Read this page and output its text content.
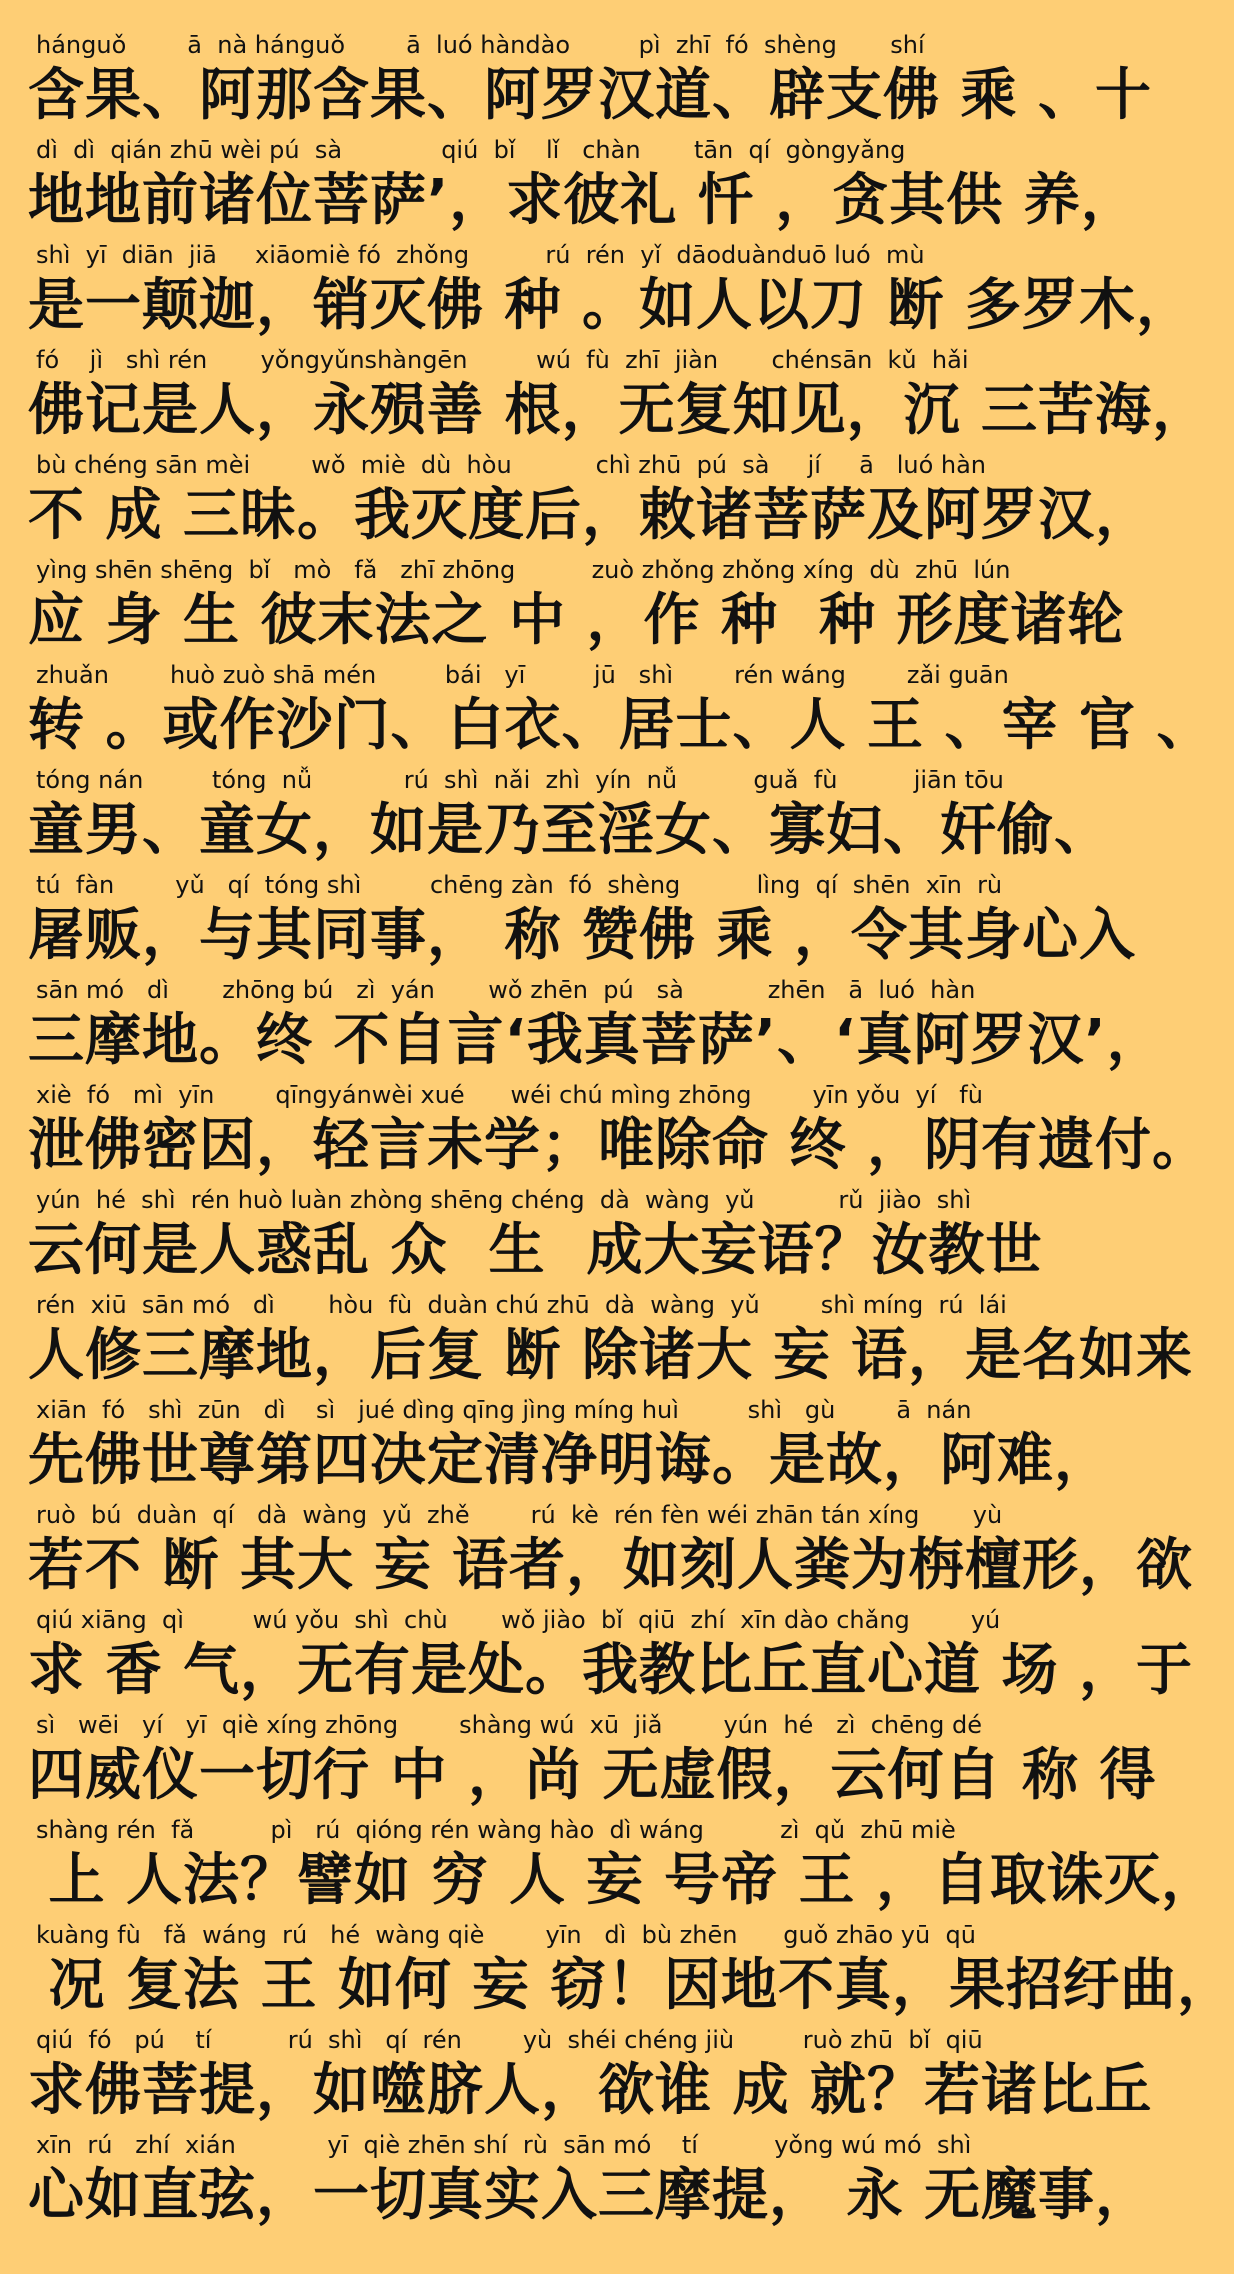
hánguǒ        ā  nà hánguǒ        ā  luó hàndào         pì  zhī  fó  shèng       shí
含果、阿那含果、阿罗汉道、辟支佛 乘 、十
dì  dì  qián zhū wèi pú  sà             qiú  bǐ    lǐ   chàn       tān  qí  gòngyǎng
地地前诸位菩萨’，求彼礼 忏 ，贪其供 养，
shì  yī  diān  jiā     xiāomiè fó  zhǒng          rú  rén  yǐ  dāoduànduō luó  mù
是一颠迦，销灭佛 种 。如人以刀 断 多罗木，
fó    jì   shì rén       yǒngyǔnshàngēn         wú  fù  zhī  jiàn       chénsān  kǔ  hǎi
佛记是人，永殒善 根，无复知见，沉 三苦海，
bù chéng sān mèi        wǒ  miè  dù  hòu           chì zhū  pú  sà     jí     ā   luó hàn
不 成 三昧。我灭度后，敕诸菩萨及阿罗汉，
yìng shēn shēng  bǐ   mò   fǎ   zhī zhōng          zuò zhǒng zhǒng xíng  dù  zhū  lún
应 身 生 彼末法之 中 ，作 种  种 形度诸轮
zhuǎn        huò zuò shā mén         bái   yī         jū   shì        rén wáng        zǎi guān
转 。或作沙门、白衣、居士、人 王 、宰 官 、
tóng nán         tóng  nǚ            rú  shì  nǎi  zhì  yín  nǚ          guǎ  fù          jiān tōu
童男、童女，如是乃至淫女、寡妇、奸偷、
tú  fàn        yǔ   qí  tóng shì         chēng zàn  fó  shèng          lìng  qí  shēn  xīn  rù
屠贩，与其同事， 称 赞佛 乘 ，令其身心入
sān mó   dì       zhōng bú   zì  yán       wǒ zhēn  pú   sà           zhēn   ā  luó  hàn
三摩地。终 不自言‘我真菩萨’、‘真阿罗汉’，
xiè  fó   mì  yīn        qīngyánwèi xué      wéi chú mìng zhōng        yīn yǒu  yí   fù
泄佛密因，轻言未学；唯除命 终 ，阴有遗付。
yún  hé  shì  rén huò luàn zhòng shēng chéng  dà  wàng  yǔ           rǔ  jiào  shì
云何是人惑乱 众  生  成大妄语？汝教世
rén  xiū  sān mó   dì       hòu  fù  duàn chú zhū  dà  wàng  yǔ        shì míng  rú  lái
人修三摩地，后复 断 除诸大 妄 语，是名如来
xiān  fó   shì  zūn   dì    sì   jué dìng qīng jìng míng huì         shì   gù        ā  nán
先佛世尊第四决定清净明诲。是故，阿难，
ruò  bú  duàn  qí   dà  wàng  yǔ  zhě        rú  kè  rén fèn wéi zhān tán xíng       yù
若不 断 其大 妄 语者，如刻人粪为栴檀形，欲
qiú xiāng  qì         wú yǒu  shì  chù       wǒ jiào  bǐ  qiū  zhí  xīn dào chǎng        yú
求 香 气，无有是处。我教比丘直心道 场 ，于
sì   wēi   yí   yī  qiè xíng zhōng        shàng wú  xū  jiǎ        yún  hé   zì  chēng dé
四威仪一切行 中 ，尚 无虚假，云何自 称 得
shàng rén  fǎ          pì   rú  qióng rén wàng hào  dì wáng          zì  qǔ  zhū miè
上 人法？譬如 穷 人 妄 号帝 王 ，自取诛灭，
kuàng fù   fǎ  wáng  rú   hé  wàng qiè        yīn   dì  bù zhēn      guǒ zhāo yū  qū
况 复法 王 如何 妄 窃！因地不真，果招纡曲，
qiú  fó   pú    tí          rú  shì   qí  rén        yù  shéi chéng jiù         ruò zhū  bǐ  qiū
求佛菩提，如噬脐人，欲谁 成 就？若诸比丘
xīn  rú   zhí  xián            yī  qiè zhēn shí  rù  sān mó    tí          yǒng wú mó  shì
心如直弦，一切真实入三摩提， 永 无魔事，
